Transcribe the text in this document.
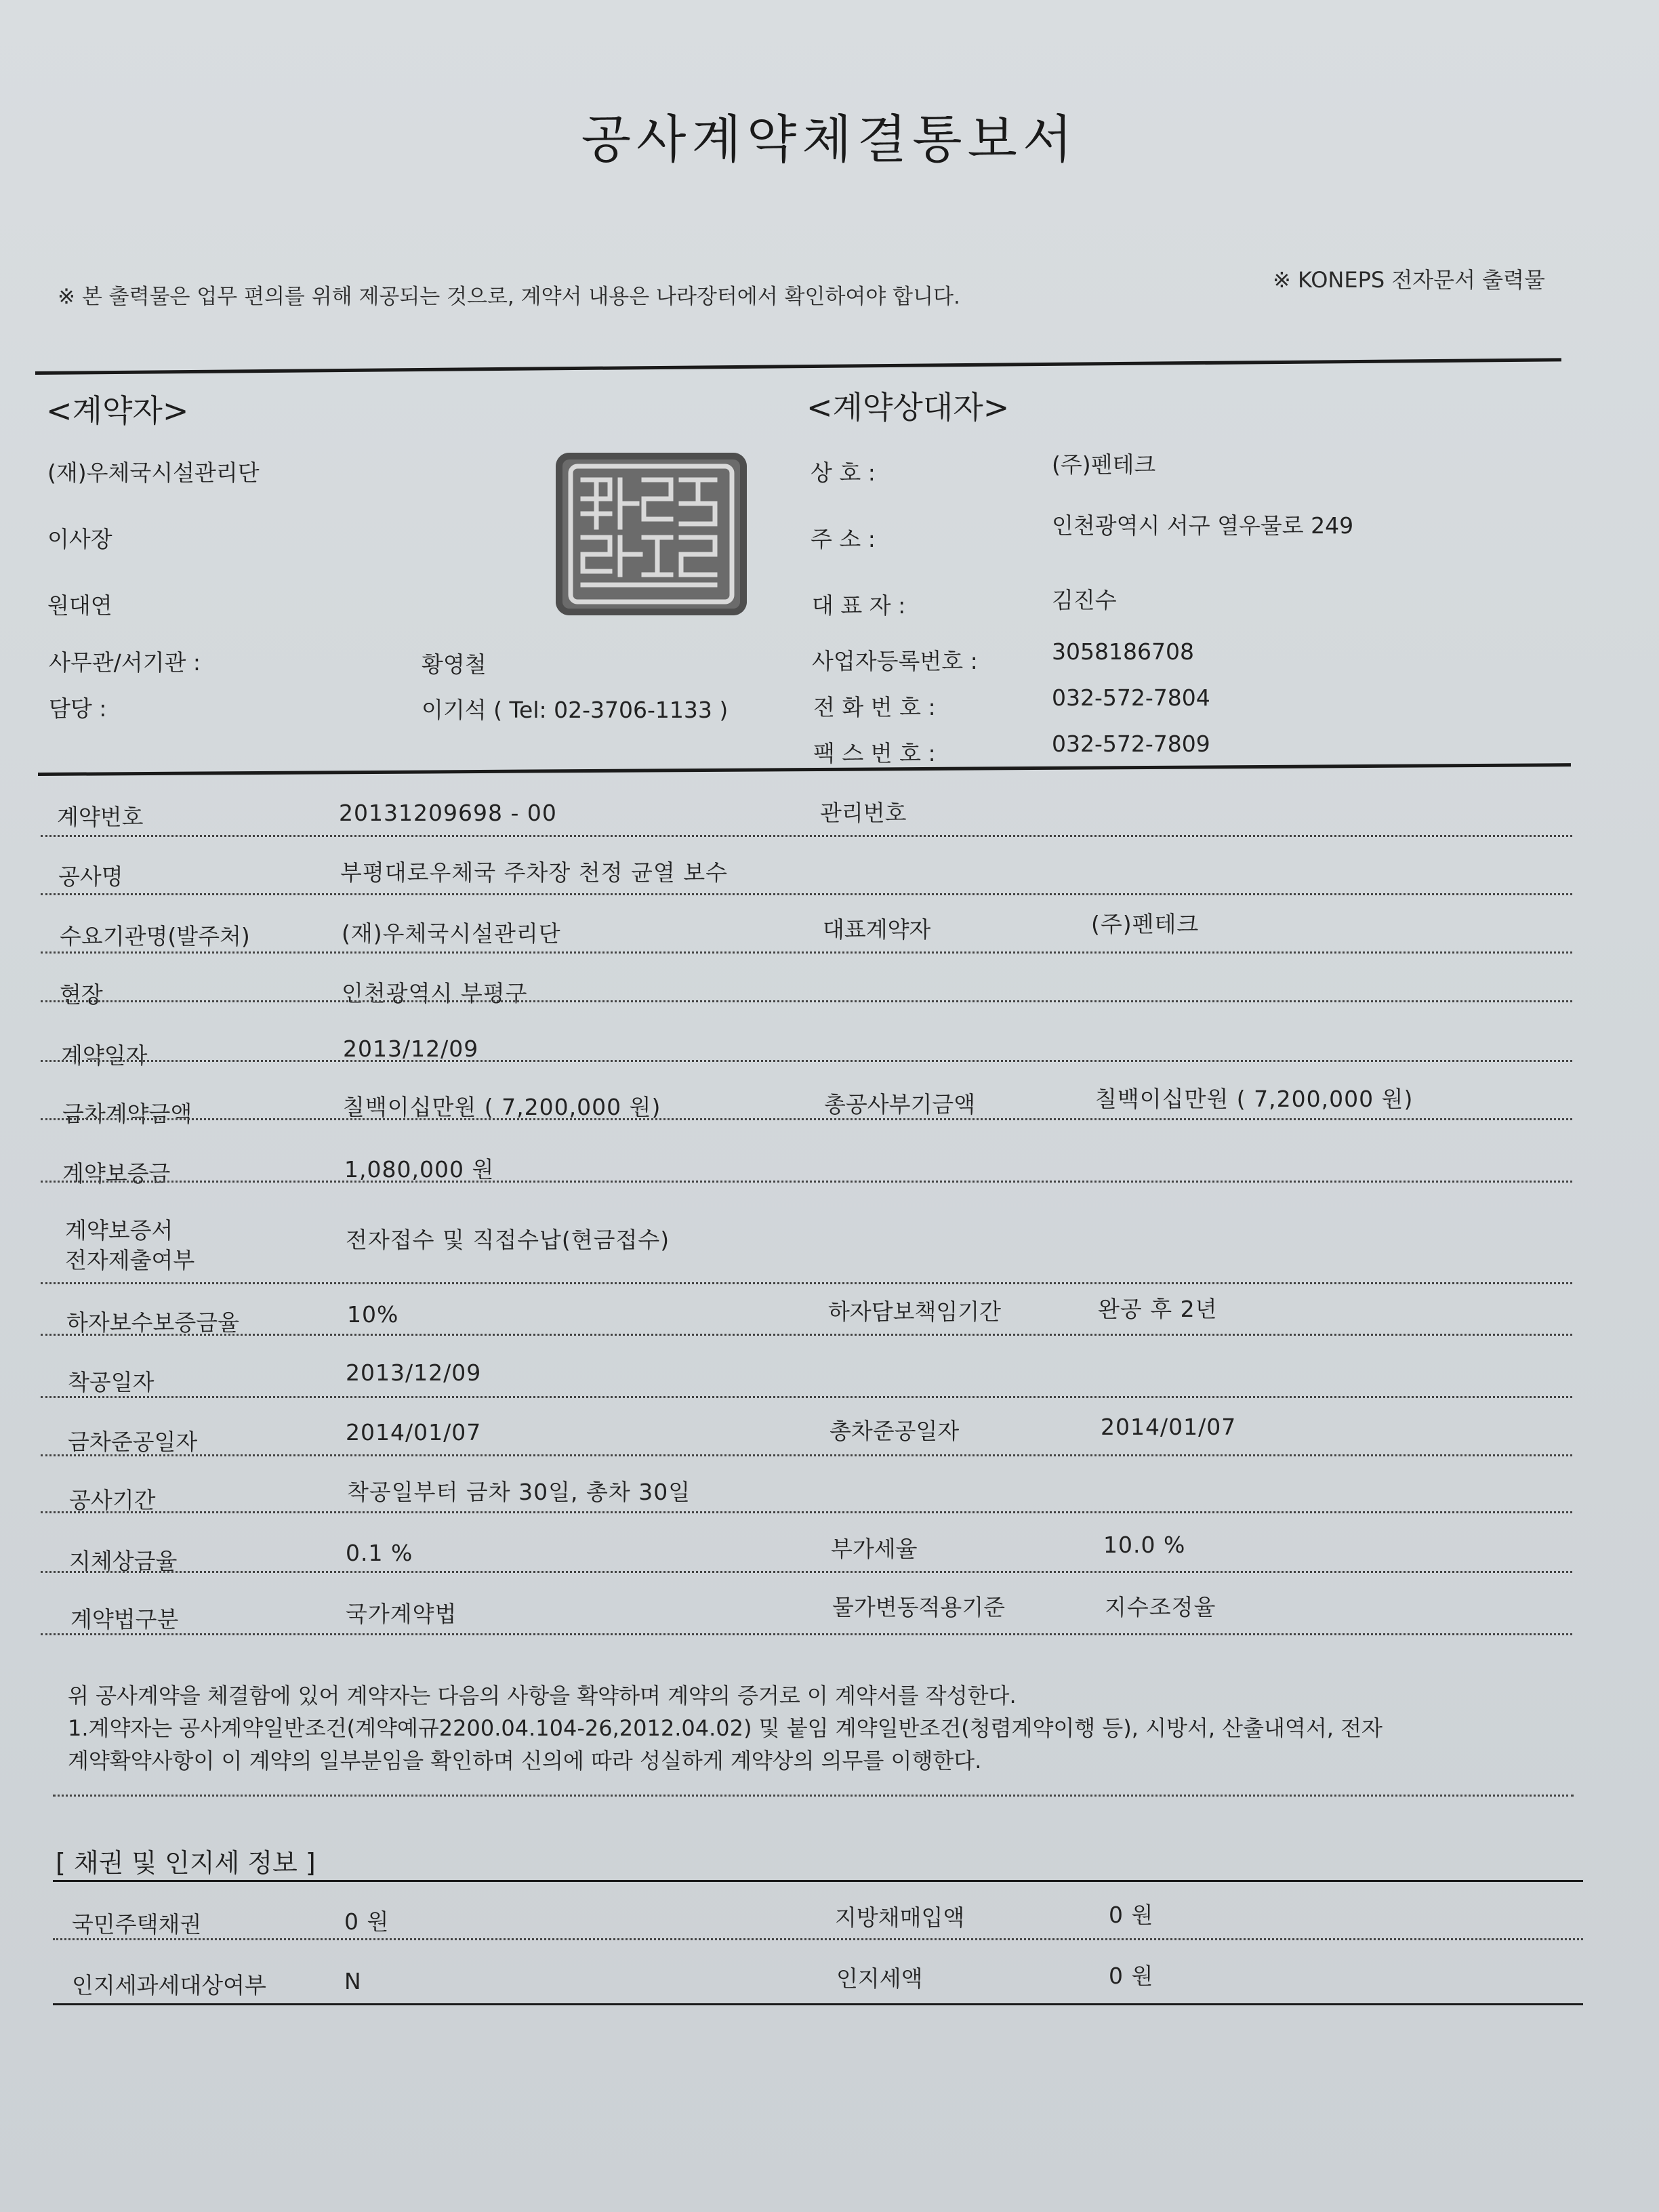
공사계약체결통보서
※ 본 출력물은 업무 편의를 위해 제공되는 것으로, 계약서 내용은 나라장터에서 확인하여야 합니다.
※ KONEPS 전자문서 출력물
<계약자>
(재)우체국시설관리단
이사장
원대연
사무관/서기관 :	황영철
담당 :	이기석 ( Tel: 02-3706-1133 )
<계약상대자>
상 호 :	(주)펜테크
주 소 :
인천광역시 서구 열우물로 249
대 표 자 :	김진수
사업자등록번호 :	3058186708
전 화 번 호 :	032-572-7804
팩 스 번 호 :	032-572-7809
계약번호	20131209698 - 00	관리번호
공사명	부평대로우체국 주차장 천정 균열 보수
수요기관명(발주처)	(재)우체국시설관리단	대표계약자	(주)펜테크
현장	인천광역시 부평구
계약일자	2013/12/09
금차계약금액	칠백이십만원 ( 7,200,000 원)	총공사부기금액	칠백이십만원 ( 7,200,000 원)
계약보증금	1,080,000 원
계약보증서
전자제출여부
전자접수 및 직접수납(현금접수)
하자보수보증금율	10%	하자담보책임기간	완공 후 2년
착공일자	2013/12/09
금차준공일자	2014/01/07	총차준공일자	2014/01/07
공사기간	착공일부터 금차 30일, 총차 30일
지체상금율	0.1 %	부가세율	10.0 %
계약법구분	국가계약법	물가변동적용기준	지수조정율
위 공사계약을 체결함에 있어 계약자는 다음의 사항을 확약하며 계약의 증거로 이 계약서를 작성한다.
1.계약자는 공사계약일반조건(계약예규2200.04.104-26,2012.04.02) 및 붙임 계약일반조건(청렴계약이행 등), 시방서, 산출내역서, 전자
계약확약사항이 이 계약의 일부분임을 확인하며 신의에 따라 성실하게 계약상의 의무를 이행한다.
[ 채권 및 인지세 정보 ]
국민주택채권	0 원	지방채매입액	0 원
인지세과세대상여부	N	인지세액	0 원
